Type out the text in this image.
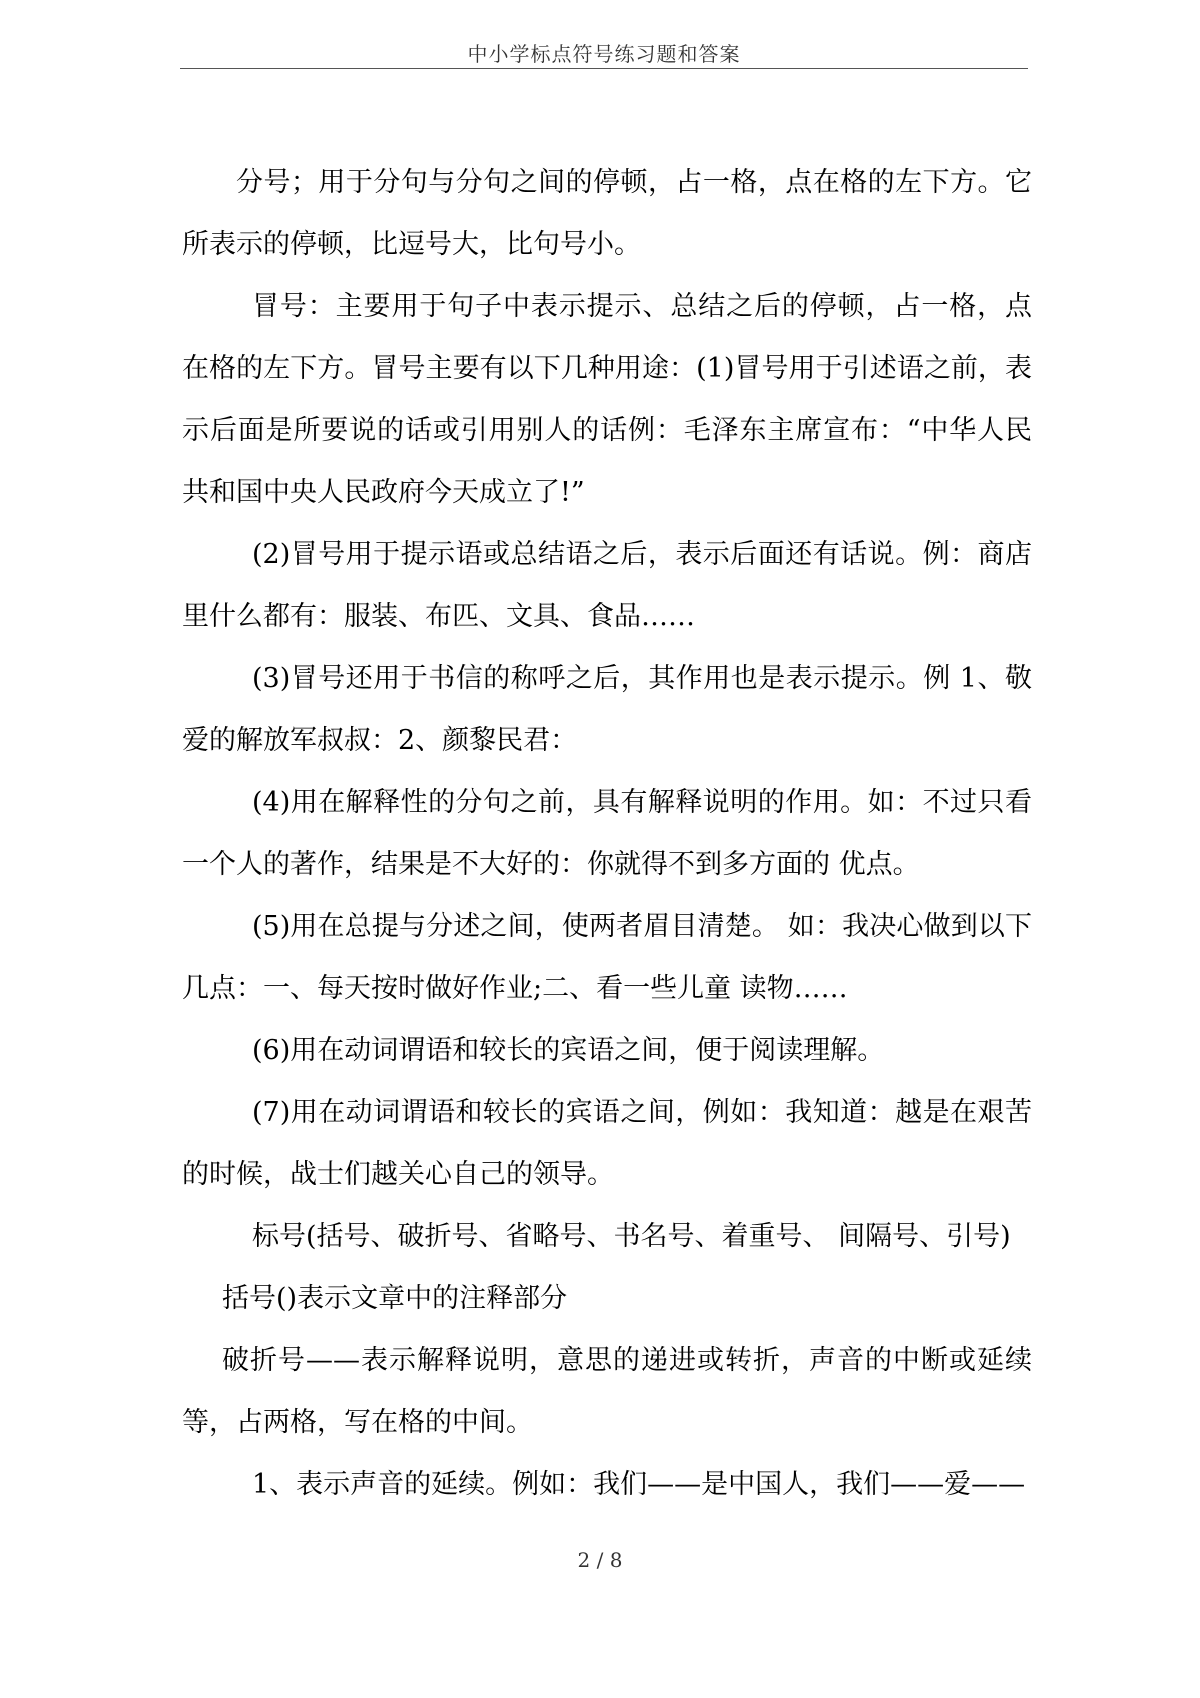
中小学标点符号练习题和答案

分号；用于分句与分句之间的停顿，占一格，点在格的左下方。它所表示的停顿，比逗号大，比句号小。

冒号：主要用于句子中表示提示、总结之后的停顿，占一格，点在格的左下方。冒号主要有以下几种用途：(1)冒号用于引述语之前，表示后面是所要说的话或引用别人的话例：毛泽东主席宣布：“中华人民共和国中央人民政府今天成立了!”

(2)冒号用于提示语或总结语之后，表示后面还有话说。例：商店里什么都有：服装、布匹、文具、食品……

(3)冒号还用于书信的称呼之后，其作用也是表示提示。例 1、敬爱的解放军叔叔：2、颜黎民君：

(4)用在解释性的分句之前，具有解释说明的作用。如：不过只看一个人的著作，结果是不大好的：你就得不到多方面的 优点。

(5)用在总提与分述之间，使两者眉目清楚。 如：我决心做到以下几点：一、每天按时做好作业;二、看一些儿童 读物……

(6)用在动词谓语和较长的宾语之间，便于阅读理解。

(7)用在动词谓语和较长的宾语之间，例如：我知道：越是在艰苦的时候，战士们越关心自己的领导。

标号(括号、破折号、省略号、书名号、着重号、 间隔号、引号)

括号()表示文章中的注释部分

破折号——表示解释说明，意思的递进或转折，声音的中断或延续等，占两格，写在格的中间。

1、表示声音的延续。例如：我们——是中国人，我们——爱——

2 / 8
